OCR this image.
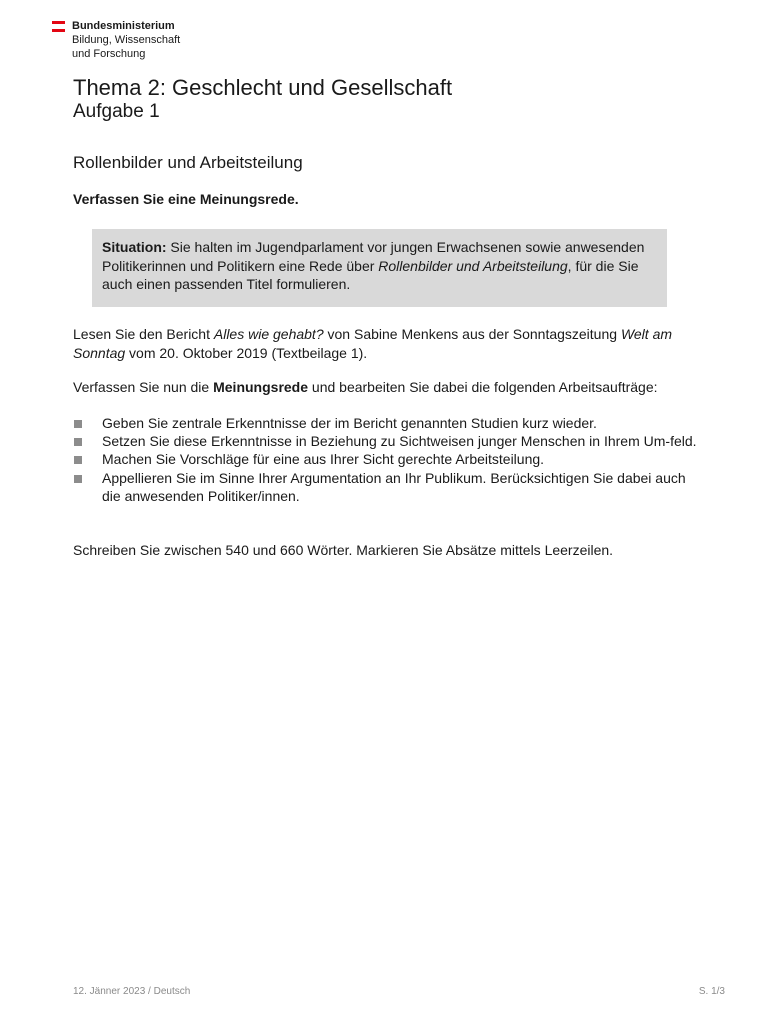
Bundesministerium
Bildung, Wissenschaft
und Forschung
Thema 2: Geschlecht und Gesellschaft
Aufgabe 1
Rollenbilder und Arbeitsteilung
Verfassen Sie eine Meinungsrede.
Situation: Sie halten im Jugendparlament vor jungen Erwachsenen sowie anwesenden Politikerinnen und Politikern eine Rede über Rollenbilder und Arbeitsteilung, für die Sie auch einen passenden Titel formulieren.

Lesen Sie den Bericht Alles wie gehabt? von Sabine Menkens aus der Sonntagszeitung Welt am Sonntag vom 20. Oktober 2019 (Textbeilage 1).

Verfassen Sie nun die Meinungsrede und bearbeiten Sie dabei die folgenden Arbeitsaufträge:

Geben Sie zentrale Erkenntnisse der im Bericht genannten Studien kurz wieder.
Setzen Sie diese Erkenntnisse in Beziehung zu Sichtweisen junger Menschen in Ihrem Um-feld.
Machen Sie Vorschläge für eine aus Ihrer Sicht gerechte Arbeitsteilung.
Appellieren Sie im Sinne Ihrer Argumentation an Ihr Publikum. Berücksichtigen Sie dabei auch die anwesenden Politiker/innen.

Schreiben Sie zwischen 540 und 660 Wörter. Markieren Sie Absätze mittels Leerzeilen.

12. Jänner 2023 / Deutsch	S. 1/3
